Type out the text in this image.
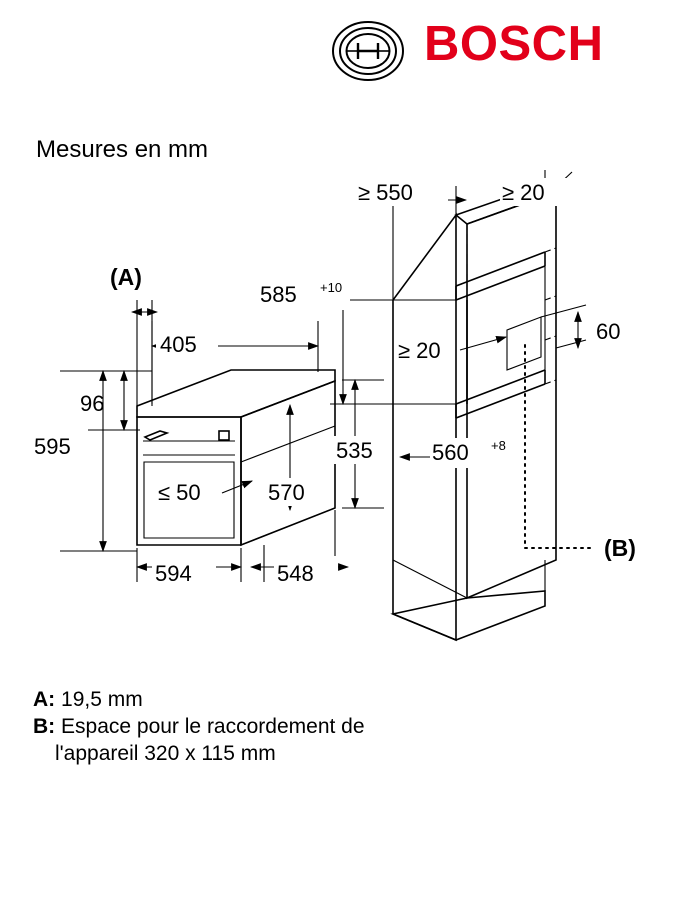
BOSCH
Mesures en mm
(A)
405
96
595
≤ 50	570
535
594	548
≥ 550	≥ 20
585 +10
≥ 20
60
560 +8
(B)
A: 19,5 mm
B: Espace pour le raccordement de
l'appareil 320 x 115 mm
